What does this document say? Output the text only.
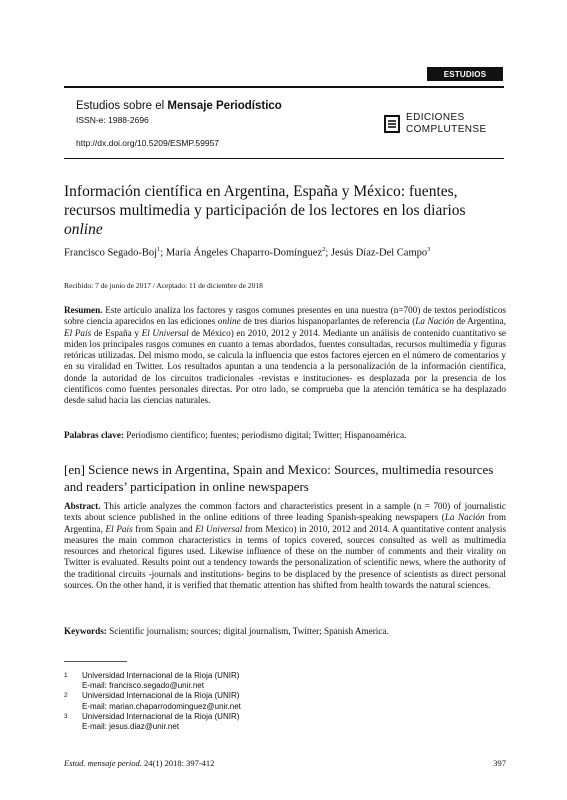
ESTUDIOS
Estudios sobre el Mensaje Periodístico
ISSN-e: 1988-2696
http://dx.doi.org/10.5209/ESMP.59957
EDICIONES
COMPLUTENSE
Información científica en Argentina, España y México: fuentes, recursos multimedia y participación de los lectores en los diarios online
Francisco Segado-Boj$^1$; María Ángeles Chaparro-Domínguez$^2$; Jesús Díaz-Del Campo$^3$
Recibido: 7 de junio de 2017 / Aceptado: 11 de diciembre de 2018
Resumen. Este artículo analiza los factores y rasgos comunes presentes en una nuestra (n=700) de textos periodísticos sobre ciencia aparecidos en las ediciones online de tres diarios hispanoparlantes de referencia (La Nación de Argentina, El País de España y El Universal de México) en 2010, 2012 y 2014. Mediante un análisis de contenido cuantitativo se miden los principales rasgos comunes en cuanto a temas abordados, fuentes consultadas, recursos multimedia y figuras retóricas utilizadas. Del mismo modo, se calcula la influencia que estos factores ejercen en el número de comentarios y en su viralidad en Twitter. Los resultados apuntan a una tendencia a la personalización de la información científica, donde la autoridad de los circuitos tradicionales -revistas e instituciones- es desplazada por la presencia de los científicos como fuentes personales directas. Por otro lado, se comprueba que la atención temática se ha desplazado desde salud hacia las ciencias naturales.
Palabras clave: Periodismo científico; fuentes; periodismo digital; Twitter; Hispanoamérica.
[en] Science news in Argentina, Spain and Mexico: Sources, multimedia resources and readers’ participation in online newspapers
Abstract. This article analyzes the common factors and characteristics present in a sample (n = 700) of journalistic texts about science published in the online editions of three leading Spanish-speaking newspapers (La Nación from Argentina, El País from Spain and El Universal from Mexico) in 2010, 2012 and 2014. A quantitative content analysis measures the main common characteristics in terms of topics covered, sources consulted as well as multimedia resources and rhetorical figures used. Likewise influence of these on the number of comments and their virality on Twitter is evaluated. Results point out a tendency towards the personalization of scientific news, where the authority of the traditional circuits -journals and institutions- begins to be displaced by the presence of scientists as direct personal sources. On the other hand, it is verified that thematic attention has shifted from health towards the natural sciences.
Keywords: Scientific journalism; sources; digital journalism, Twitter; Spanish America.
1	Universidad Internacional de la Rioja (UNIR)
E-mail: francisco.segado@unir.net
2	Universidad Internacional de la Rioja (UNIR)
E-mail: marian.chaparrodominguez@unir.net
3	Universidad Internacional de la Rioja (UNIR)
E-mail: jesus.diaz@unir.net
Estud. mensaje period. 24(1) 2018: 397-412	397
